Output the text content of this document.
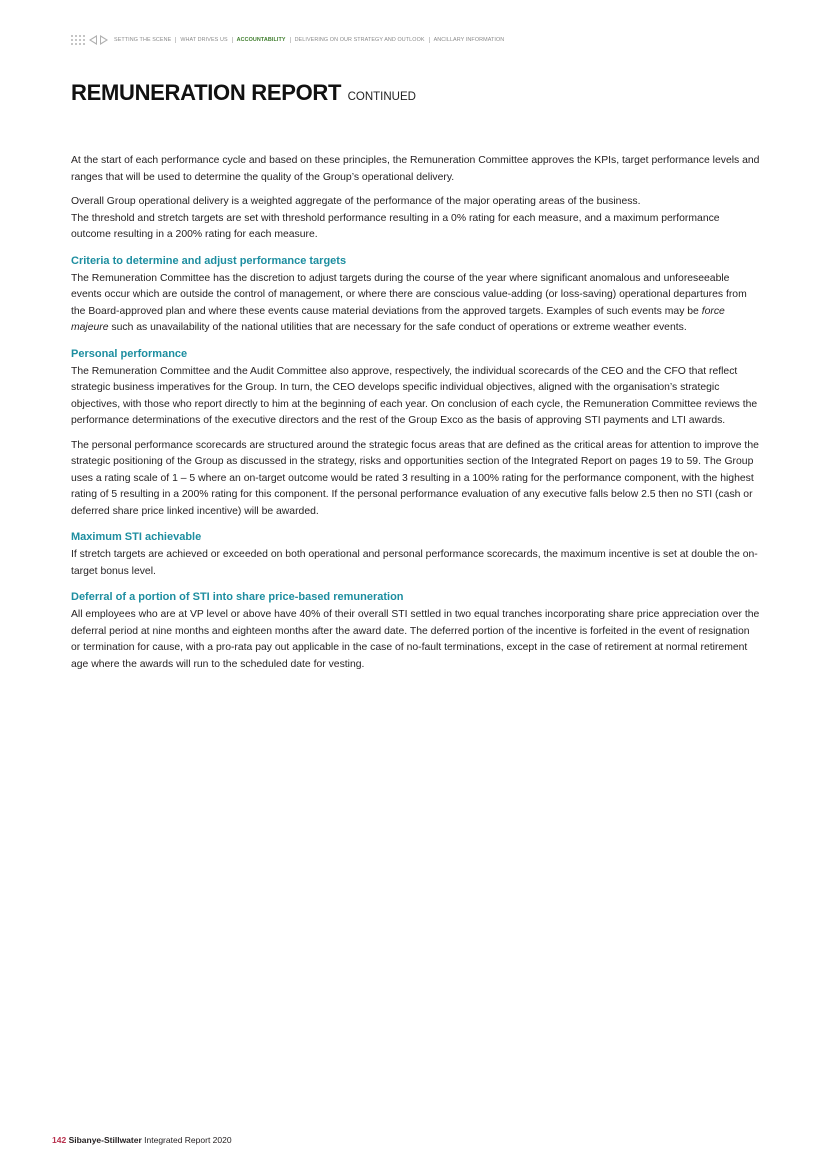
SETTING THE SCENE WHAT DRIVES US ACCOUNTABILITY DELIVERING ON OUR STRATEGY AND OUTLOOK ANCILLARY INFORMATION
REMUNERATION REPORT CONTINUED

At the start of each performance cycle and based on these principles, the Remuneration Committee approves the KPIs, target performance levels and ranges that will be used to determine the quality of the Group’s operational delivery.

Overall Group operational delivery is a weighted aggregate of the performance of the major operating areas of the business.
The threshold and stretch targets are set with threshold performance resulting in a 0% rating for each measure, and a maximum performance outcome resulting in a 200% rating for each measure.

Criteria to determine and adjust performance targets

The Remuneration Committee has the discretion to adjust targets during the course of the year where significant anomalous and unforeseeable events occur which are outside the control of management, or where there are conscious value-adding (or loss-saving) operational departures from the Board-approved plan and where these events cause material deviations from the approved targets. Examples of such events may be force majeure such as unavailability of the national utilities that are necessary for the safe conduct of operations or extreme weather events.

Personal performance

The Remuneration Committee and the Audit Committee also approve, respectively, the individual scorecards of the CEO and the CFO that reflect strategic business imperatives for the Group. In turn, the CEO develops specific individual objectives, aligned with the organisation’s strategic objectives, with those who report directly to him at the beginning of each year. On conclusion of each cycle, the Remuneration Committee reviews the performance determinations of the executive directors and the rest of the Group Exco as the basis of approving STI payments and LTI awards.

The personal performance scorecards are structured around the strategic focus areas that are defined as the critical areas for attention to improve the strategic positioning of the Group as discussed in the strategy, risks and opportunities section of the Integrated Report on pages 19 to 59. The Group uses a rating scale of 1 – 5 where an on-target outcome would be rated 3 resulting in a 100% rating for the performance component, with the highest rating of 5 resulting in a 200% rating for this component. If the personal performance evaluation of any executive falls below 2.5 then no STI (cash or deferred share price linked incentive) will be awarded.

Maximum STI achievable

If stretch targets are achieved or exceeded on both operational and personal performance scorecards, the maximum incentive is set at double the on-target bonus level.

Deferral of a portion of STI into share price-based remuneration

All employees who are at VP level or above have 40% of their overall STI settled in two equal tranches incorporating share price appreciation over the deferral period at nine months and eighteen months after the award date. The deferred portion of the incentive is forfeited in the event of resignation or termination for cause, with a pro-rata pay out applicable in the case of no-fault terminations, except in the case of retirement at normal retirement age where the awards will run to the scheduled date for vesting.

142 Sibanye-Stillwater Integrated Report 2020
